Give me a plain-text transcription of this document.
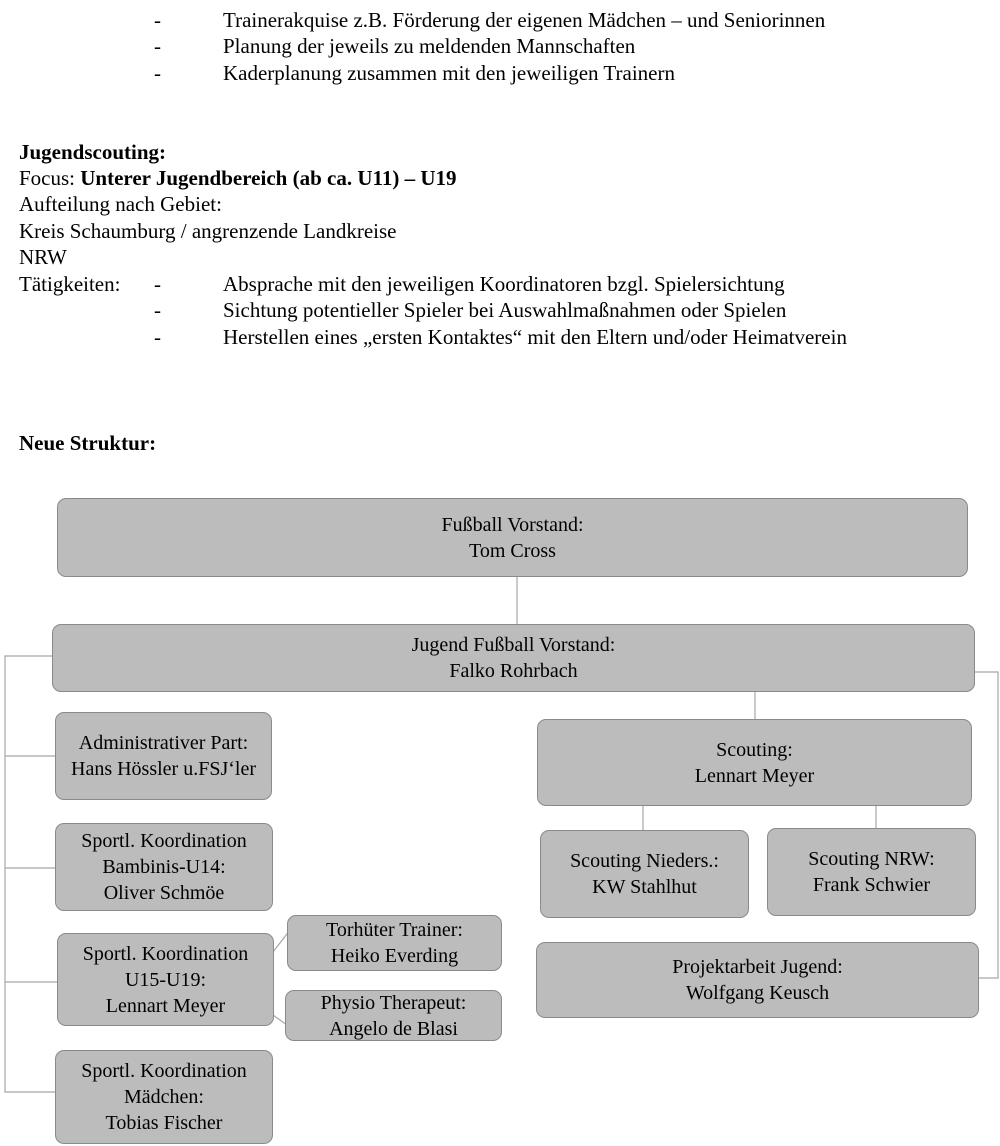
-	Trainerakquise z.B. Förderung der eigenen Mädchen – und Seniorinnen
-	Planung der jeweils zu meldenden Mannschaften
-	Kaderplanung zusammen mit den jeweiligen Trainern
Jugendscouting:
Focus: Unterer Jugendbereich (ab ca. U11) – U19
Aufteilung nach Gebiet:
Kreis Schaumburg / angrenzende Landkreise
NRW
Tätigkeiten: -	Absprache mit den jeweiligen Koordinatoren bzgl. Spielersichtung
-	Sichtung potentieller Spieler bei Auswahlmaßnahmen oder Spielen
-	Herstellen eines „ersten Kontaktes“ mit den Eltern und/oder Heimatverein
Neue Struktur:
Fußball Vorstand:
Tom Cross
Jugend Fußball Vorstand:
Falko Rohrbach
Administrativer Part:
Hans Hössler u.FSJ‘ler
Sportl. Koordination
Bambinis-U14:
Oliver Schmöe
Sportl. Koordination
U15-U19:
Lennart Meyer
Sportl. Koordination
Mädchen:
Tobias Fischer
Torhüter Trainer:
Heiko Everding
Physio Therapeut:
Angelo de Blasi
Scouting:
Lennart Meyer
Scouting Nieders.:
KW Stahlhut
Scouting NRW:
Frank Schwier
Projektarbeit Jugend:
Wolfgang Keusch
